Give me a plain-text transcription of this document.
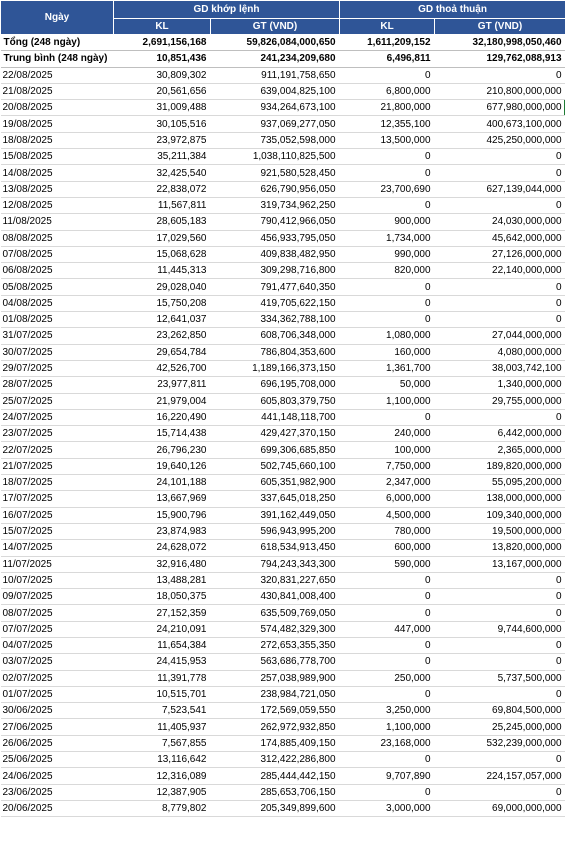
Ngày	GD khớp lệnh		GD thoả thuận	
	KL	GT (VND)	KL	GT (VND)
Tổng (248 ngày)	2,691,156,168	59,826,084,000,650	1,611,209,152	32,180,998,050,460
Trung bình (248 ngày)	10,851,436	241,234,209,680	6,496,811	129,762,088,913
22/08/2025	30,809,302	911,191,758,650	0	0
21/08/2025	20,561,656	639,004,825,100	6,800,000	210,800,000,000
20/08/2025	31,009,488	934,264,673,100	21,800,000	677,980,000,000
19/08/2025	30,105,516	937,069,277,050	12,355,100	400,673,100,000
18/08/2025	23,972,875	735,052,598,000	13,500,000	425,250,000,000
15/08/2025	35,211,384	1,038,110,825,500	0	0
14/08/2025	32,425,540	921,580,528,450	0	0
13/08/2025	22,838,072	626,790,956,050	23,700,690	627,139,044,000
12/08/2025	11,567,811	319,734,962,250	0	0
11/08/2025	28,605,183	790,412,966,050	900,000	24,030,000,000
08/08/2025	17,029,560	456,933,795,050	1,734,000	45,642,000,000
07/08/2025	15,068,628	409,838,482,950	990,000	27,126,000,000
06/08/2025	11,445,313	309,298,716,800	820,000	22,140,000,000
05/08/2025	29,028,040	791,477,640,350	0	0
04/08/2025	15,750,208	419,705,622,150	0	0
01/08/2025	12,641,037	334,362,788,100	0	0
31/07/2025	23,262,850	608,706,348,000	1,080,000	27,044,000,000
30/07/2025	29,654,784	786,804,353,600	160,000	4,080,000,000
29/07/2025	42,526,700	1,189,166,373,150	1,361,700	38,003,742,100
28/07/2025	23,977,811	696,195,708,000	50,000	1,340,000,000
25/07/2025	21,979,004	605,803,379,750	1,100,000	29,755,000,000
24/07/2025	16,220,490	441,148,118,700	0	0
23/07/2025	15,714,438	429,427,370,150	240,000	6,442,000,000
22/07/2025	26,796,230	699,306,685,850	100,000	2,365,000,000
21/07/2025	19,640,126	502,745,660,100	7,750,000	189,820,000,000
18/07/2025	24,101,188	605,351,982,900	2,347,000	55,095,200,000
17/07/2025	13,667,969	337,645,018,250	6,000,000	138,000,000,000
16/07/2025	15,900,796	391,162,449,050	4,500,000	109,340,000,000
15/07/2025	23,874,983	596,943,995,200	780,000	19,500,000,000
14/07/2025	24,628,072	618,534,913,450	600,000	13,820,000,000
11/07/2025	32,916,480	794,243,343,300	590,000	13,167,000,000
10/07/2025	13,488,281	320,831,227,650	0	0
09/07/2025	18,050,375	430,841,008,400	0	0
08/07/2025	27,152,359	635,509,769,050	0	0
07/07/2025	24,210,091	574,482,329,300	447,000	9,744,600,000
04/07/2025	11,654,384	272,653,355,350	0	0
03/07/2025	24,415,953	563,686,778,700	0	0
02/07/2025	11,391,778	257,038,989,900	250,000	5,737,500,000
01/07/2025	10,515,701	238,984,721,050	0	0
30/06/2025	7,523,541	172,569,059,550	3,250,000	69,804,500,000
27/06/2025	11,405,937	262,972,932,850	1,100,000	25,245,000,000
26/06/2025	7,567,855	174,885,409,150	23,168,000	532,239,000,000
25/06/2025	13,116,642	312,422,286,800	0	0
24/06/2025	12,316,089	285,444,442,150	9,707,890	224,157,057,000
23/06/2025	12,387,905	285,653,706,150	0	0
20/06/2025	8,779,802	205,349,899,600	3,000,000	69,000,000,000
